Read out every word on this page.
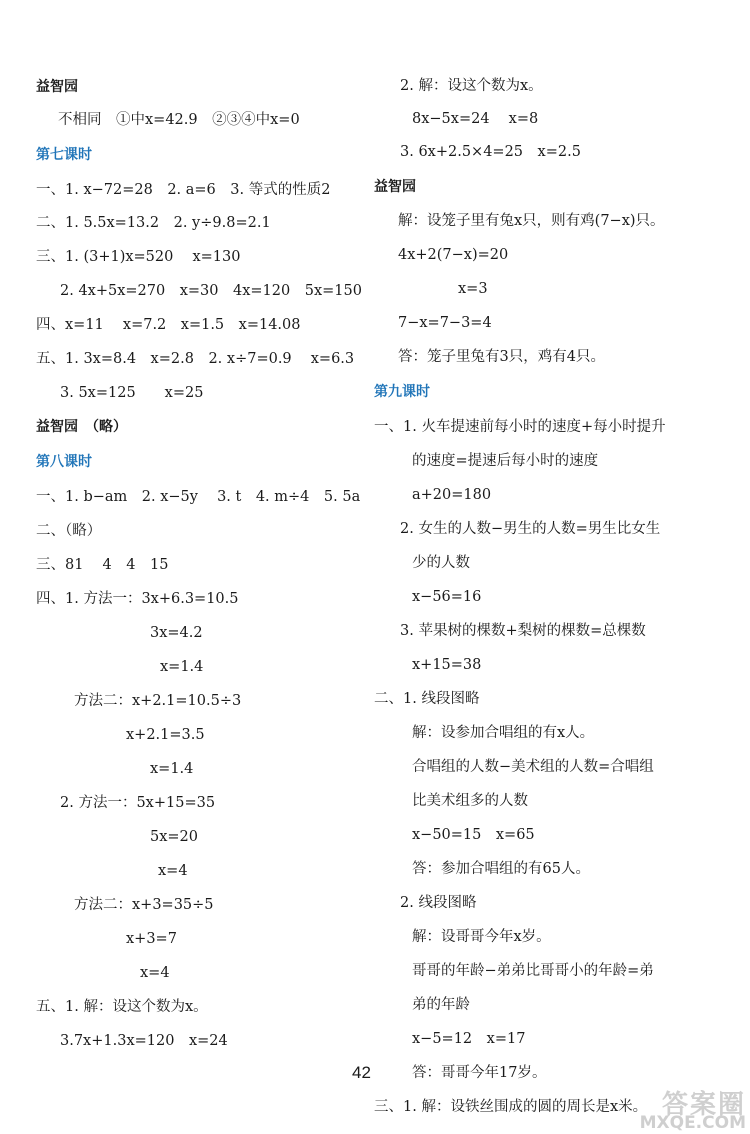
益智园
不相同　①中x=42.9　②③④中x=0
第七课时
一、1. x−72=28　2. a=6　3. 等式的性质2
二、1. 5.5x=13.2　2. y÷9.8=2.1
三、1. (3+1)x=520　 x=130
2. 4x+5x=270　x=30　4x=120　5x=150
四、x=11　 x=7.2　x=1.5　x=14.08
五、1. 3x=8.4　x=2.8　2. x÷7=0.9　 x=6.3
3. 5x=125　　x=25
益智园　（略）
第八课时
一、1. b−am　2. x−5y　 3. t　4. m÷4　5. 5a
二、（略）
三、81　 4　4　15
四、1. 方法一：3x+6.3=10.5
3x=4.2
x=1.4
方法二：x+2.1=10.5÷3
x+2.1=3.5
x=1.4
2. 方法一：5x+15=35
5x=20
x=4
方法二：x+3=35÷5
x+3=7
x=4
五、1. 解：设这个数为x。
3.7x+1.3x=120　x=24
2. 解：设这个数为x。
8x−5x=24　 x=8
3. 6x+2.5×4=25　x=2.5
益智园
解：设笼子里有兔x只，则有鸡(7−x)只。
4x+2(7−x)=20
x=3
7−x=7−3=4
答：笼子里兔有3只，鸡有4只。
第九课时
一、1. 火车提速前每小时的速度+每小时提升
的速度=提速后每小时的速度
a+20=180
2. 女生的人数−男生的人数=男生比女生
少的人数
x−56=16
3. 苹果树的棵数+梨树的棵数=总棵数
x+15=38
二、1. 线段图略
解：设参加合唱组的有x人。
合唱组的人数−美术组的人数=合唱组
比美术组多的人数
x−50=15　x=65
答：参加合唱组的有65人。
2. 线段图略
解：设哥哥今年x岁。
哥哥的年龄−弟弟比哥哥小的年龄=弟
弟的年龄
x−5=12　x=17
答：哥哥今年17岁。
三、1. 解：设铁丝围成的圆的周长是x米。
42
答案圈
MXQE.COM
